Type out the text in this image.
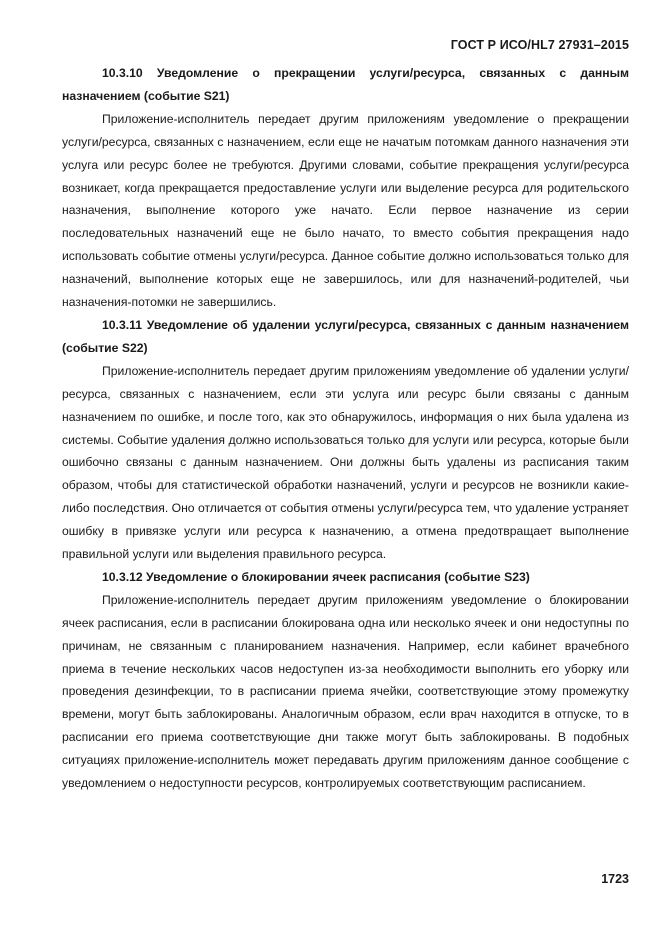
ГОСТ Р ИСО/HL7 27931–2015

10.3.10 Уведомление о прекращении услуги/ресурса, связанных с данным назначением (событие S21)

Приложение-исполнитель передает другим приложениям уведомление о прекращении услуги/ресурса, связанных с назначением, если еще не начатым потомкам данного назначения эти услуга или ресурс более не требуются. Другими словами, событие прекращения услуги/ресурса возникает, когда прекращается предоставление услуги или выделение ресурса для родительского назначения, выполнение которого уже начато. Если первое назначение из серии последовательных назначений еще не было начато, то вместо события прекращения надо использовать событие отмены услуги/ресурса. Данное событие должно использоваться только для назначений, выполнение которых еще не завершилось, или для назначений-родителей, чьи назначения-потомки не завершились.

10.3.11 Уведомление об удалении услуги/ресурса, связанных с данным назначением (событие S22)

Приложение-исполнитель передает другим приложениям уведомление об удалении услуги/ресурса, связанных с назначением, если эти услуга или ресурс были связаны с данным назначением по ошибке, и после того, как это обнаружилось, информация о них была удалена из системы. Событие удаления должно использоваться только для услуги или ресурса, которые были ошибочно связаны с данным назначением. Они должны быть удалены из расписания таким образом, чтобы для статистической обработки назначений, услуги и ресурсов не возникли какие-либо последствия. Оно отличается от события отмены услуги/ресурса тем, что удаление устраняет ошибку в привязке услуги или ресурса к назначению, а отмена предотвращает выполнение правильной услуги или выделения правильного ресурса.

10.3.12 Уведомление о блокировании ячеек расписания (событие S23)

Приложение-исполнитель передает другим приложениям уведомление о блокировании ячеек расписания, если в расписании блокирована одна или несколько ячеек и они недоступны по причинам, не связанным с планированием назначения. Например, если кабинет врачебного приема в течение нескольких часов недоступен из-за необходимости выполнить его уборку или проведения дезинфекции, то в расписании приема ячейки, соответствующие этому промежутку времени, могут быть заблокированы. Аналогичным образом, если врач находится в отпуске, то в расписании его приема соответствующие дни также могут быть заблокированы. В подобных ситуациях приложение-исполнитель может передавать другим приложениям данное сообщение с уведомлением о недоступности ресурсов, контролируемых соответствующим расписанием.

1723
